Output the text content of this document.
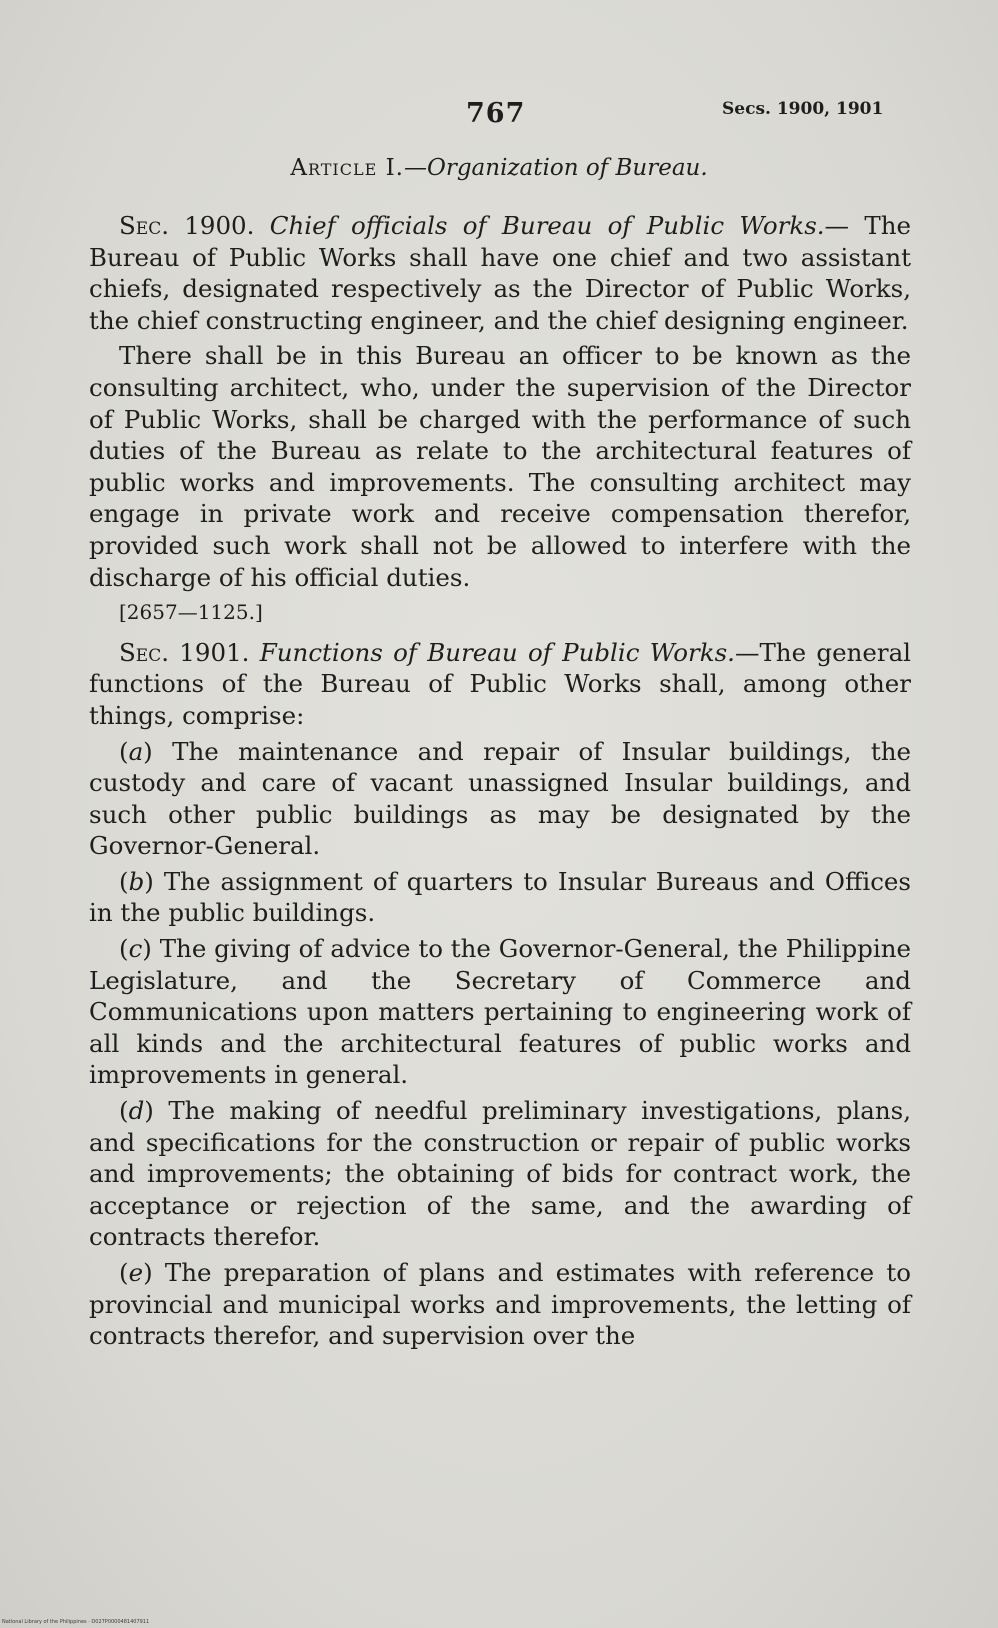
767	Secs. 1900, 1901
Article I.—Organization of Bureau.

Sec. 1900. Chief officials of Bureau of Public Works.— The Bureau of Public Works shall have one chief and two assistant chiefs, designated respectively as the Director of Public Works, the chief constructing engineer, and the chief designing engineer.

There shall be in this Bureau an officer to be known as the consulting architect, who, under the supervision of the Director of Public Works, shall be charged with the performance of such duties of the Bureau as relate to the architectural features of public works and improvements. The consulting architect may engage in private work and receive compensation therefor, provided such work shall not be allowed to interfere with the discharge of his official duties.

[2657—1125.]

Sec. 1901. Functions of Bureau of Public Works.—The general functions of the Bureau of Public Works shall, among other things, comprise:

(a) The maintenance and repair of Insular buildings, the custody and care of vacant unassigned Insular buildings, and such other public buildings as may be designated by the Governor-General.

(b) The assignment of quarters to Insular Bureaus and Offices in the public buildings.

(c) The giving of advice to the Governor-General, the Philippine Legislature, and the Secretary of Commerce and Communications upon matters pertaining to engineering work of all kinds and the architectural features of public works and improvements in general.

(d) The making of needful preliminary investigations, plans, and specifications for the construction or repair of public works and improvements; the obtaining of bids for contract work, the acceptance or rejection of the same, and the awarding of contracts therefor.

(e) The preparation of plans and estimates with reference to provincial and municipal works and improvements, the letting of contracts therefor, and supervision over the

National Library of the Philippines · D027P0000481407911
